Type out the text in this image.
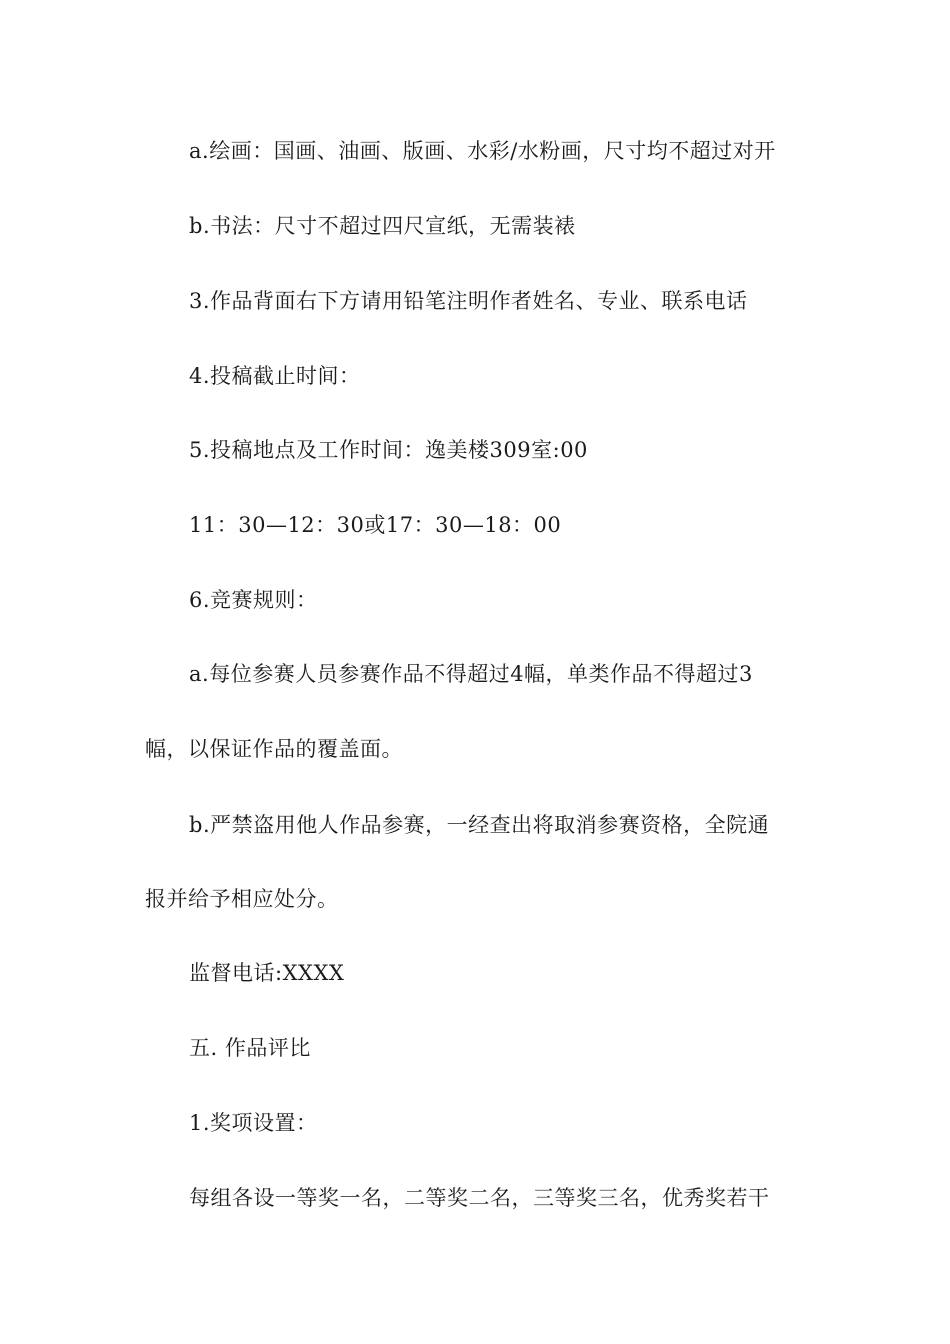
a.绘画：国画、油画、版画、水彩/水粉画，尺寸均不超过对开
b.书法：尺寸不超过四尺宣纸，无需装裱
3.作品背面右下方请用铅笔注明作者姓名、专业、联系电话
4.投稿截止时间：
5.投稿地点及工作时间：逸美楼309室:00
11：30—12：30或17：30—18：00
6.竞赛规则：
a.每位参赛人员参赛作品不得超过4幅，单类作品不得超过3
幅，以保证作品的覆盖面。
b.严禁盗用他人作品参赛，一经查出将取消参赛资格，全院通
报并给予相应处分。
监督电话:XXXX
五. 作品评比
1.奖项设置：
每组各设一等奖一名，二等奖二名，三等奖三名，优秀奖若干
